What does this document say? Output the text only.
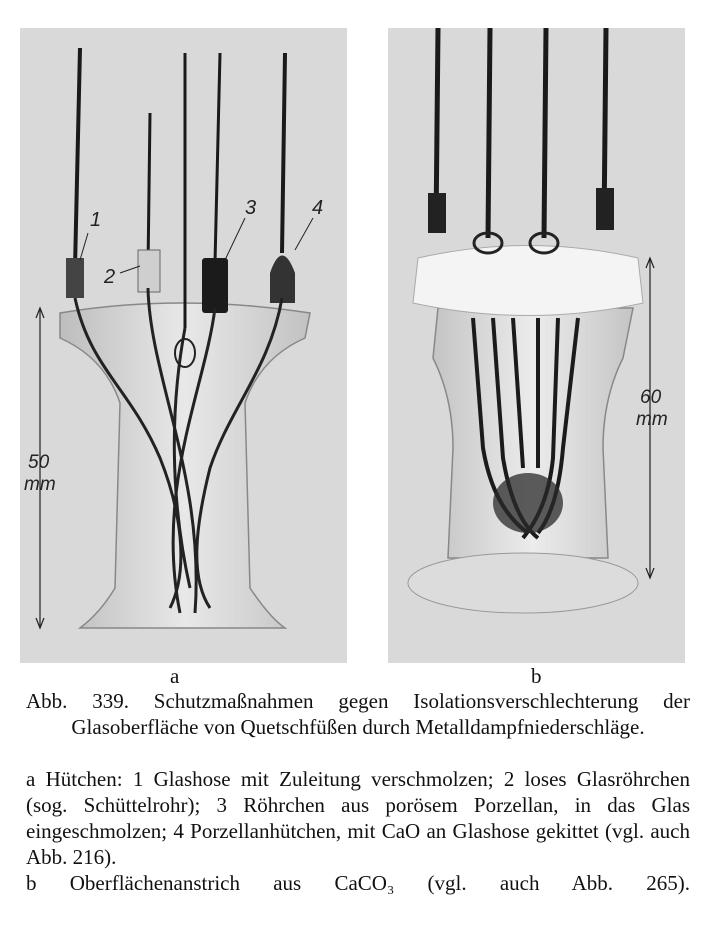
1
2
3	4
50
mm
60
mm
a	b
Abb. 339. Schutzmaßnahmen gegen Isolationsverschlechterung der Glasoberfläche von Quetschfüßen durch Metalldampfniederschläge.

a Hütchen: 1 Glashose mit Zuleitung verschmolzen; 2 loses Glasröhrchen (sog. Schüttelrohr); 3 Röhrchen aus porösem Porzellan, in das Glas eingeschmolzen; 4 Porzellanhütchen, mit CaO an Glashose gekittet (vgl. auch Abb. 216).

b Oberflächenanstrich aus CaCO₃ (vgl. auch Abb. 265).
